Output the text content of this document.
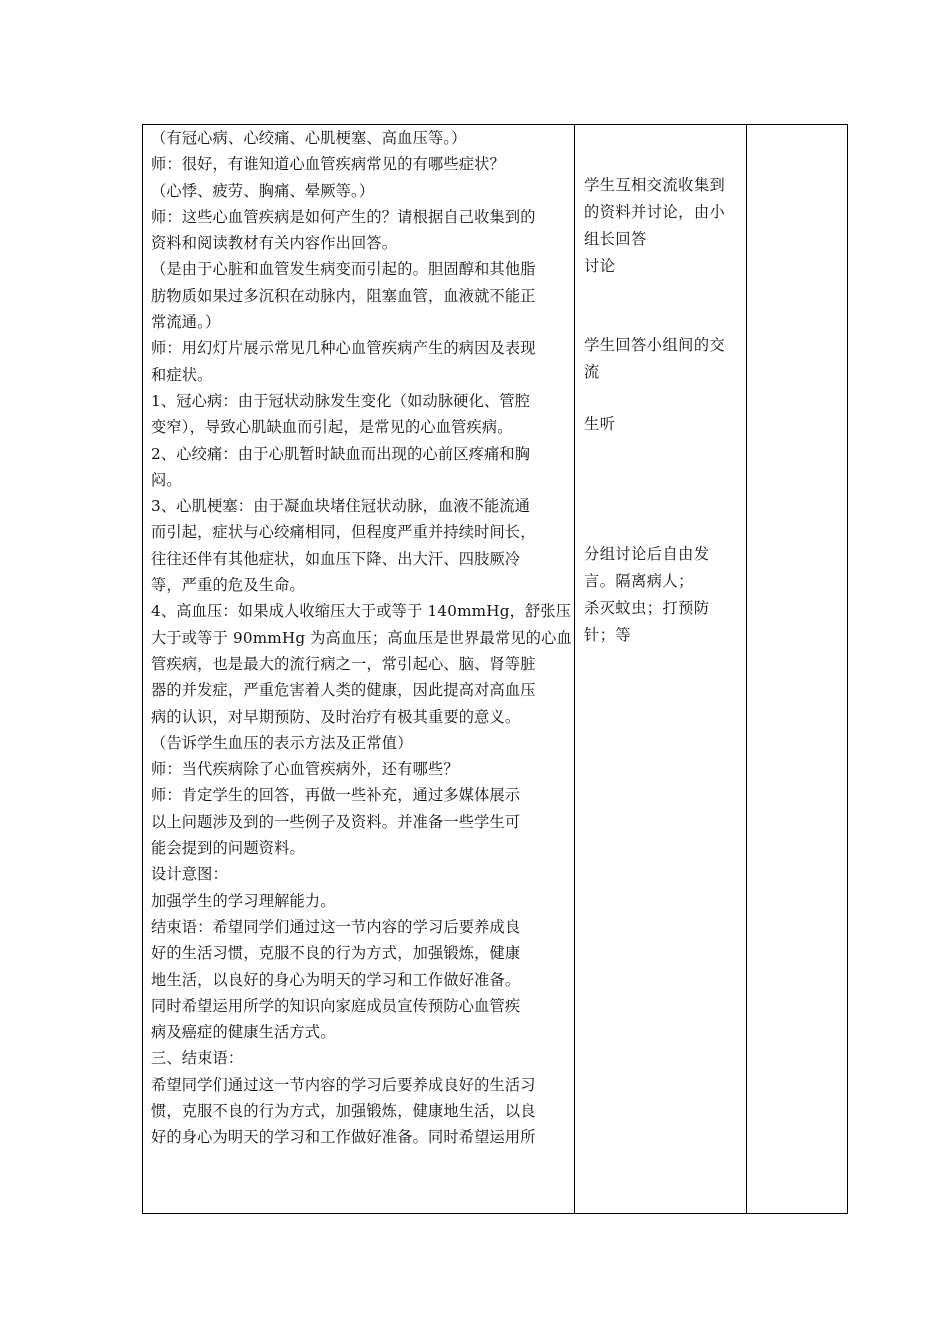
（有冠心病、心绞痛、心肌梗塞、高血压等。）
师：很好，有谁知道心血管疾病常见的有哪些症状？
（心悸、疲劳、胸痛、晕厥等。）
师：这些心血管疾病是如何产生的？请根据自己收集到的
资料和阅读教材有关内容作出回答。
（是由于心脏和血管发生病变而引起的。胆固醇和其他脂
肪物质如果过多沉积在动脉内，阻塞血管，血液就不能正
常流通。）
师：用幻灯片展示常见几种心血管疾病产生的病因及表现
和症状。
1、冠心病：由于冠状动脉发生变化（如动脉硬化、管腔
变窄），导致心肌缺血而引起，是常见的心血管疾病。
2、心绞痛：由于心肌暂时缺血而出现的心前区疼痛和胸
闷。
3、心肌梗塞：由于凝血块堵住冠状动脉，血液不能流通
而引起，症状与心绞痛相同，但程度严重并持续时间长，
往往还伴有其他症状，如血压下降、出大汗、四肢厥冷
等，严重的危及生命。
4、高血压：如果成人收缩压大于或等于 140mmHg，舒张压
大于或等于 90mmHg 为高血压；高血压是世界最常见的心血
管疾病，也是最大的流行病之一，常引起心、脑、肾等脏
器的并发症，严重危害着人类的健康，因此提高对高血压
病的认识，对早期预防、及时治疗有极其重要的意义。
（告诉学生血压的表示方法及正常值）
师：当代疾病除了心血管疾病外，还有哪些？
师：肯定学生的回答，再做一些补充，通过多媒体展示
以上问题涉及到的一些例子及资料。并准备一些学生可
能会提到的问题资料。
设计意图：
加强学生的学习理解能力。
结束语：希望同学们通过这一节内容的学习后要养成良
好的生活习惯，克服不良的行为方式，加强锻炼，健康
地生活，以良好的身心为明天的学习和工作做好准备。
同时希望运用所学的知识向家庭成员宣传预防心血管疾
病及癌症的健康生活方式。
三、结束语：
希望同学们通过这一节内容的学习后要养成良好的生活习
惯，克服不良的行为方式，加强锻炼，健康地生活，以良
好的身心为明天的学习和工作做好准备。同时希望运用所
学生互相交流收集到
的资料并讨论，由小
组长回答
讨论
学生回答小组间的交
流
生听
分组讨论后自由发
言。隔离病人；
杀灭蚊虫；打预防
针；等
